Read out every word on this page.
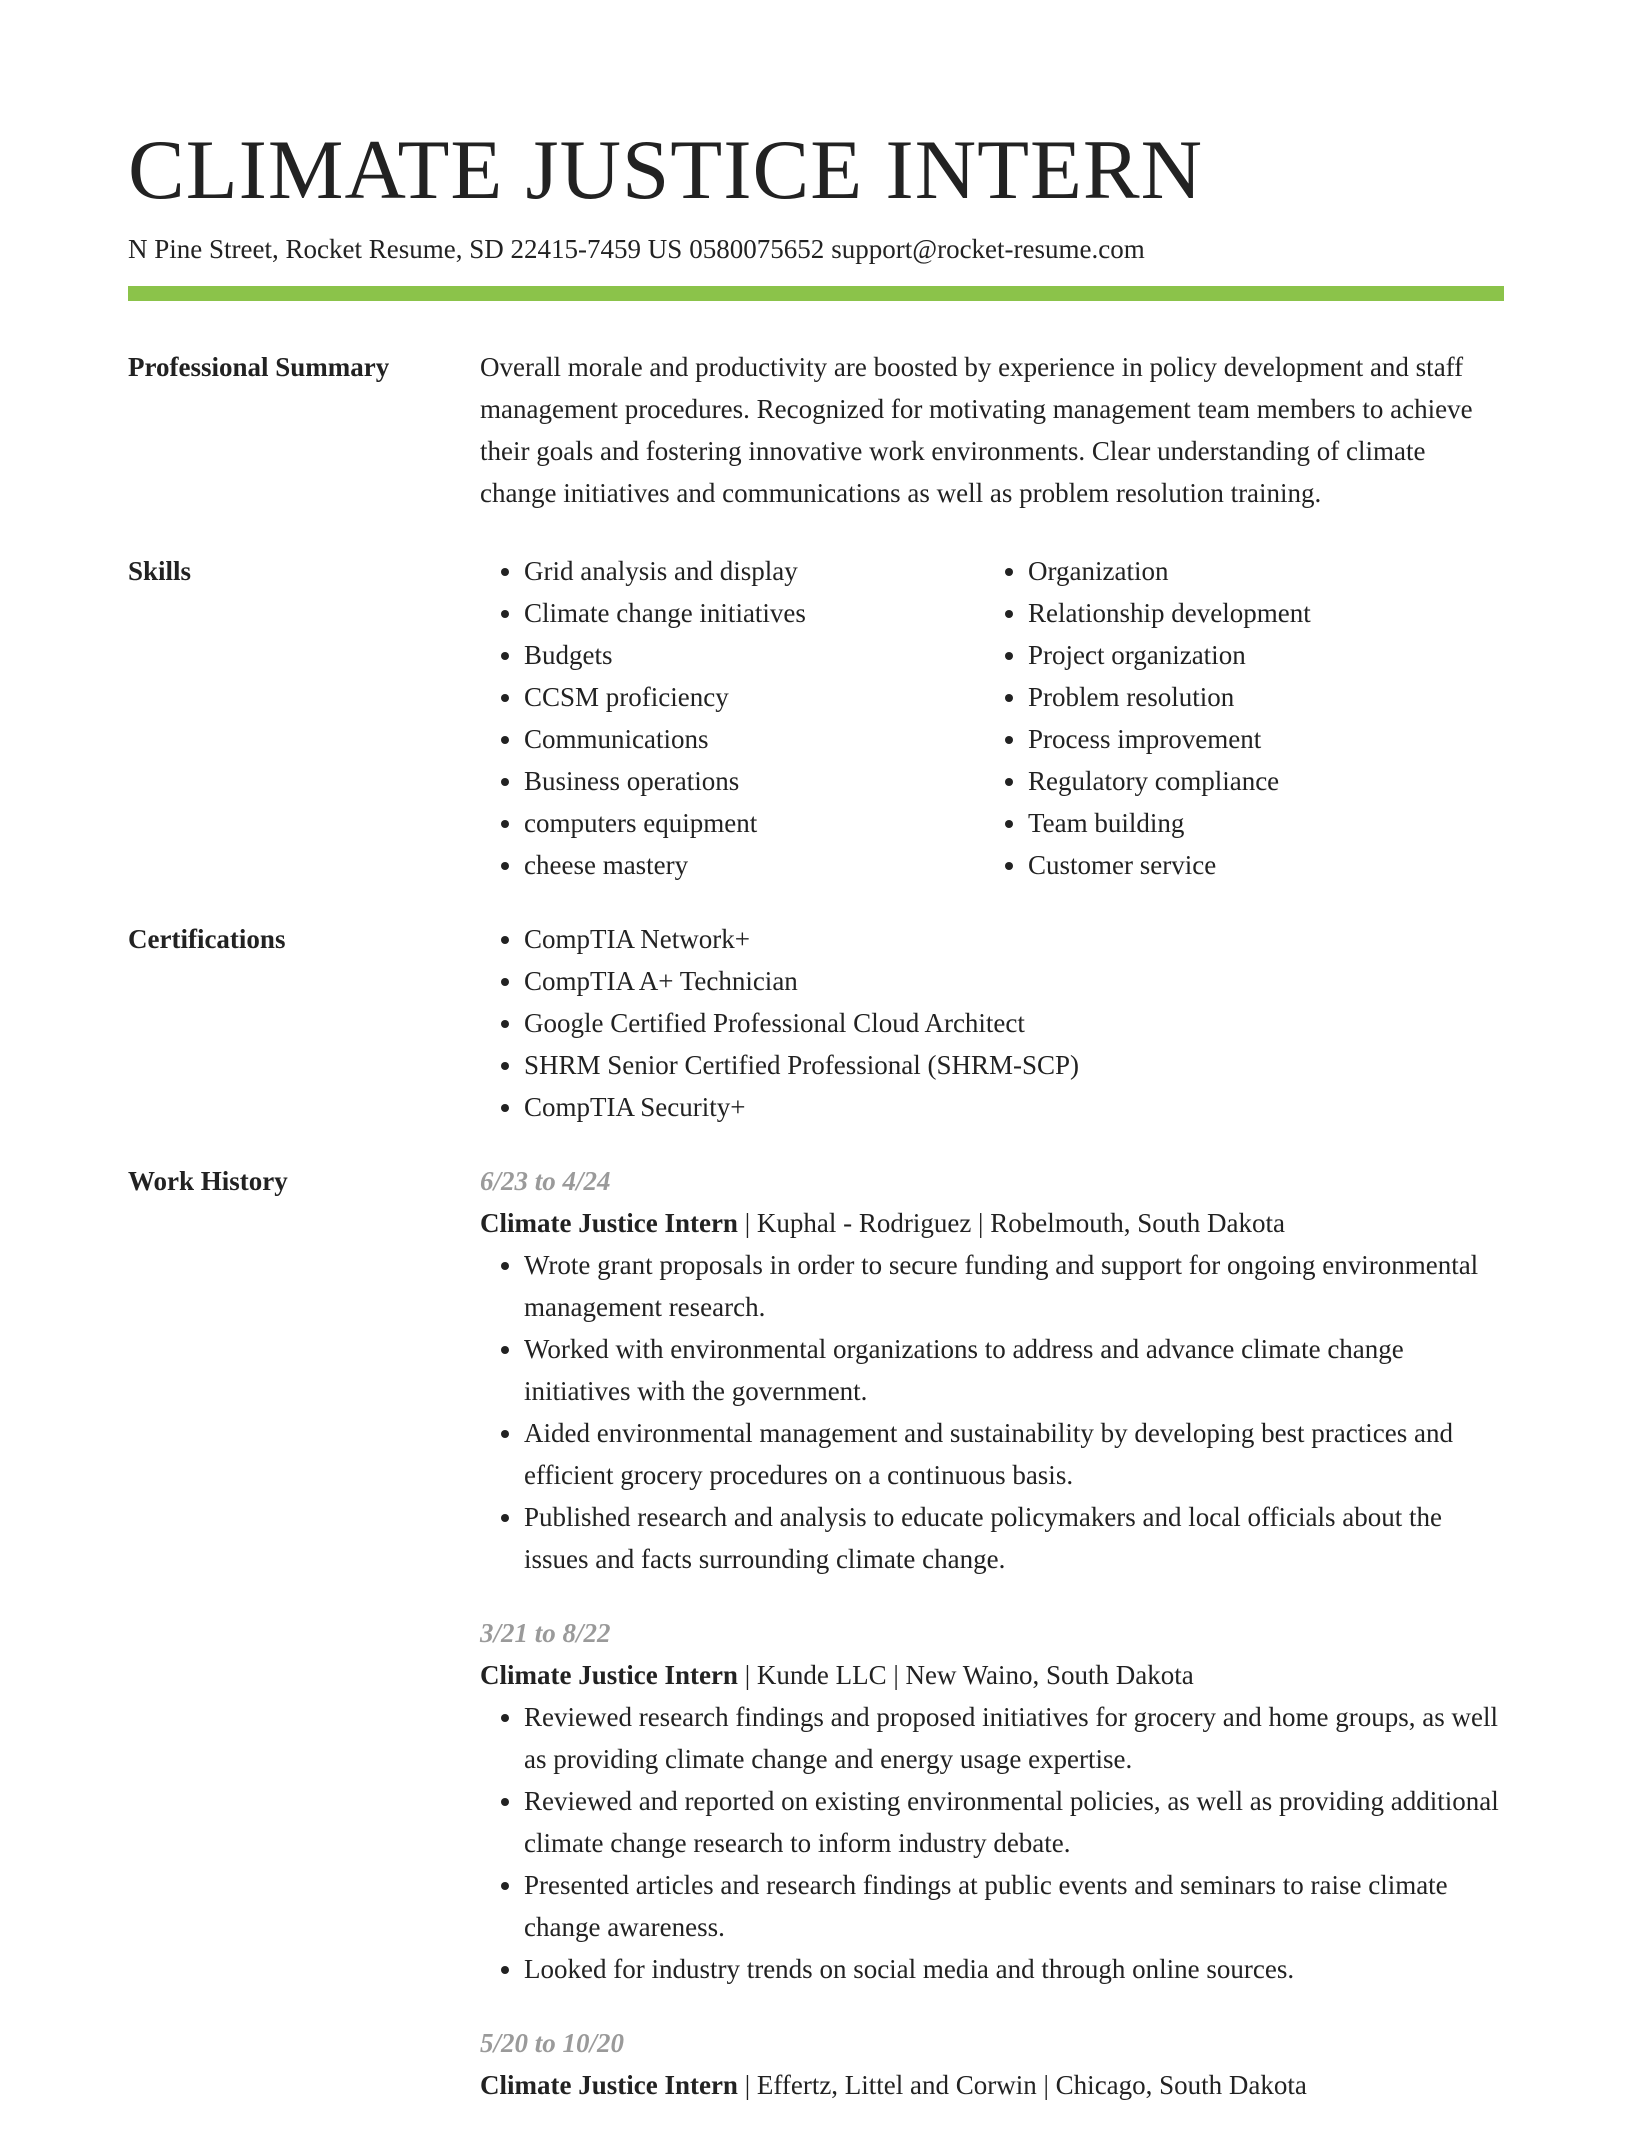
CLIMATE JUSTICE INTERN
N Pine Street, Rocket Resume, SD 22415-7459 US 0580075652 support@rocket-resume.com
Professional Summary	Overall morale and productivity are boosted by experience in policy development and staff management procedures. Recognized for motivating management team members to achieve their goals and fostering innovative work environments. Clear understanding of climate change initiatives and communications as well as problem resolution training.

Skills	• Grid analysis and display
• Climate change initiatives
• Budgets
• CCSM proficiency
• Communications
• Business operations
• computers equipment
• cheese mastery
• Organization
• Relationship development
• Project organization
• Problem resolution
• Process improvement
• Regulatory compliance
• Team building
• Customer service
Certifications	• CompTIA Network+
• CompTIA A+ Technician
• Google Certified Professional Cloud Architect
• SHRM Senior Certified Professional (SHRM-SCP)
• CompTIA Security+
Work History	6/23 to 4/24
Climate Justice Intern | Kuphal - Rodriguez | Robelmouth, South Dakota
• Wrote grant proposals in order to secure funding and support for ongoing environmental management research.
• Worked with environmental organizations to address and advance climate change initiatives with the government.
• Aided environmental management and sustainability by developing best practices and efficient grocery procedures on a continuous basis.
• Published research and analysis to educate policymakers and local officials about the issues and facts surrounding climate change.
3/21 to 8/22
Climate Justice Intern | Kunde LLC | New Waino, South Dakota
• Reviewed research findings and proposed initiatives for grocery and home groups, as well as providing climate change and energy usage expertise.
• Reviewed and reported on existing environmental policies, as well as providing additional climate change research to inform industry debate.
• Presented articles and research findings at public events and seminars to raise climate change awareness.
• Looked for industry trends on social media and through online sources.
5/20 to 10/20
Climate Justice Intern | Effertz, Littel and Corwin | Chicago, South Dakota
